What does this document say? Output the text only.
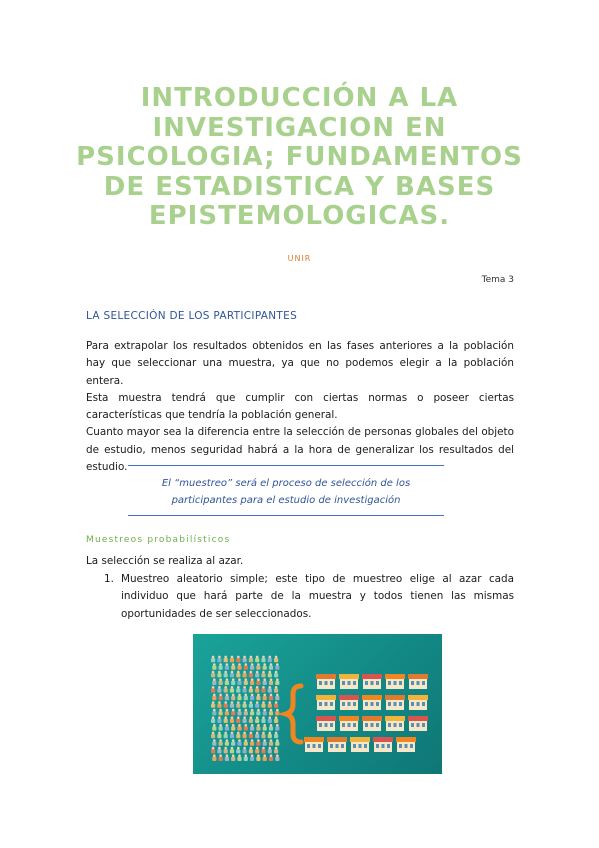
INTRODUCCIÓN A LA
INVESTIGACION EN
PSICOLOGIA; FUNDAMENTOS
DE ESTADISTICA Y BASES
EPISTEMOLOGICAS.
UNIR
Tema 3
LA SELECCIÓN DE LOS PARTICIPANTES

Para extrapolar los resultados obtenidos en las fases anteriores a la población hay que seleccionar una muestra, ya que no podemos elegir a la población entera.

Esta muestra tendrá que cumplir con ciertas normas o poseer ciertas características que tendría la población general.

Cuanto mayor sea la diferencia entre la selección de personas globales del objeto de estudio, menos seguridad habrá a la hora de generalizar los resultados del estudio.

El “muestreo” será el proceso de selección de los participantes para el estudio de investigación
Muestreos probabilísticos
La selección se realiza al azar.
1. Muestreo aleatorio simple; este tipo de muestreo elige al azar cada individuo que hará parte de la muestra y todos tienen las mismas oportunidades de ser seleccionados.
